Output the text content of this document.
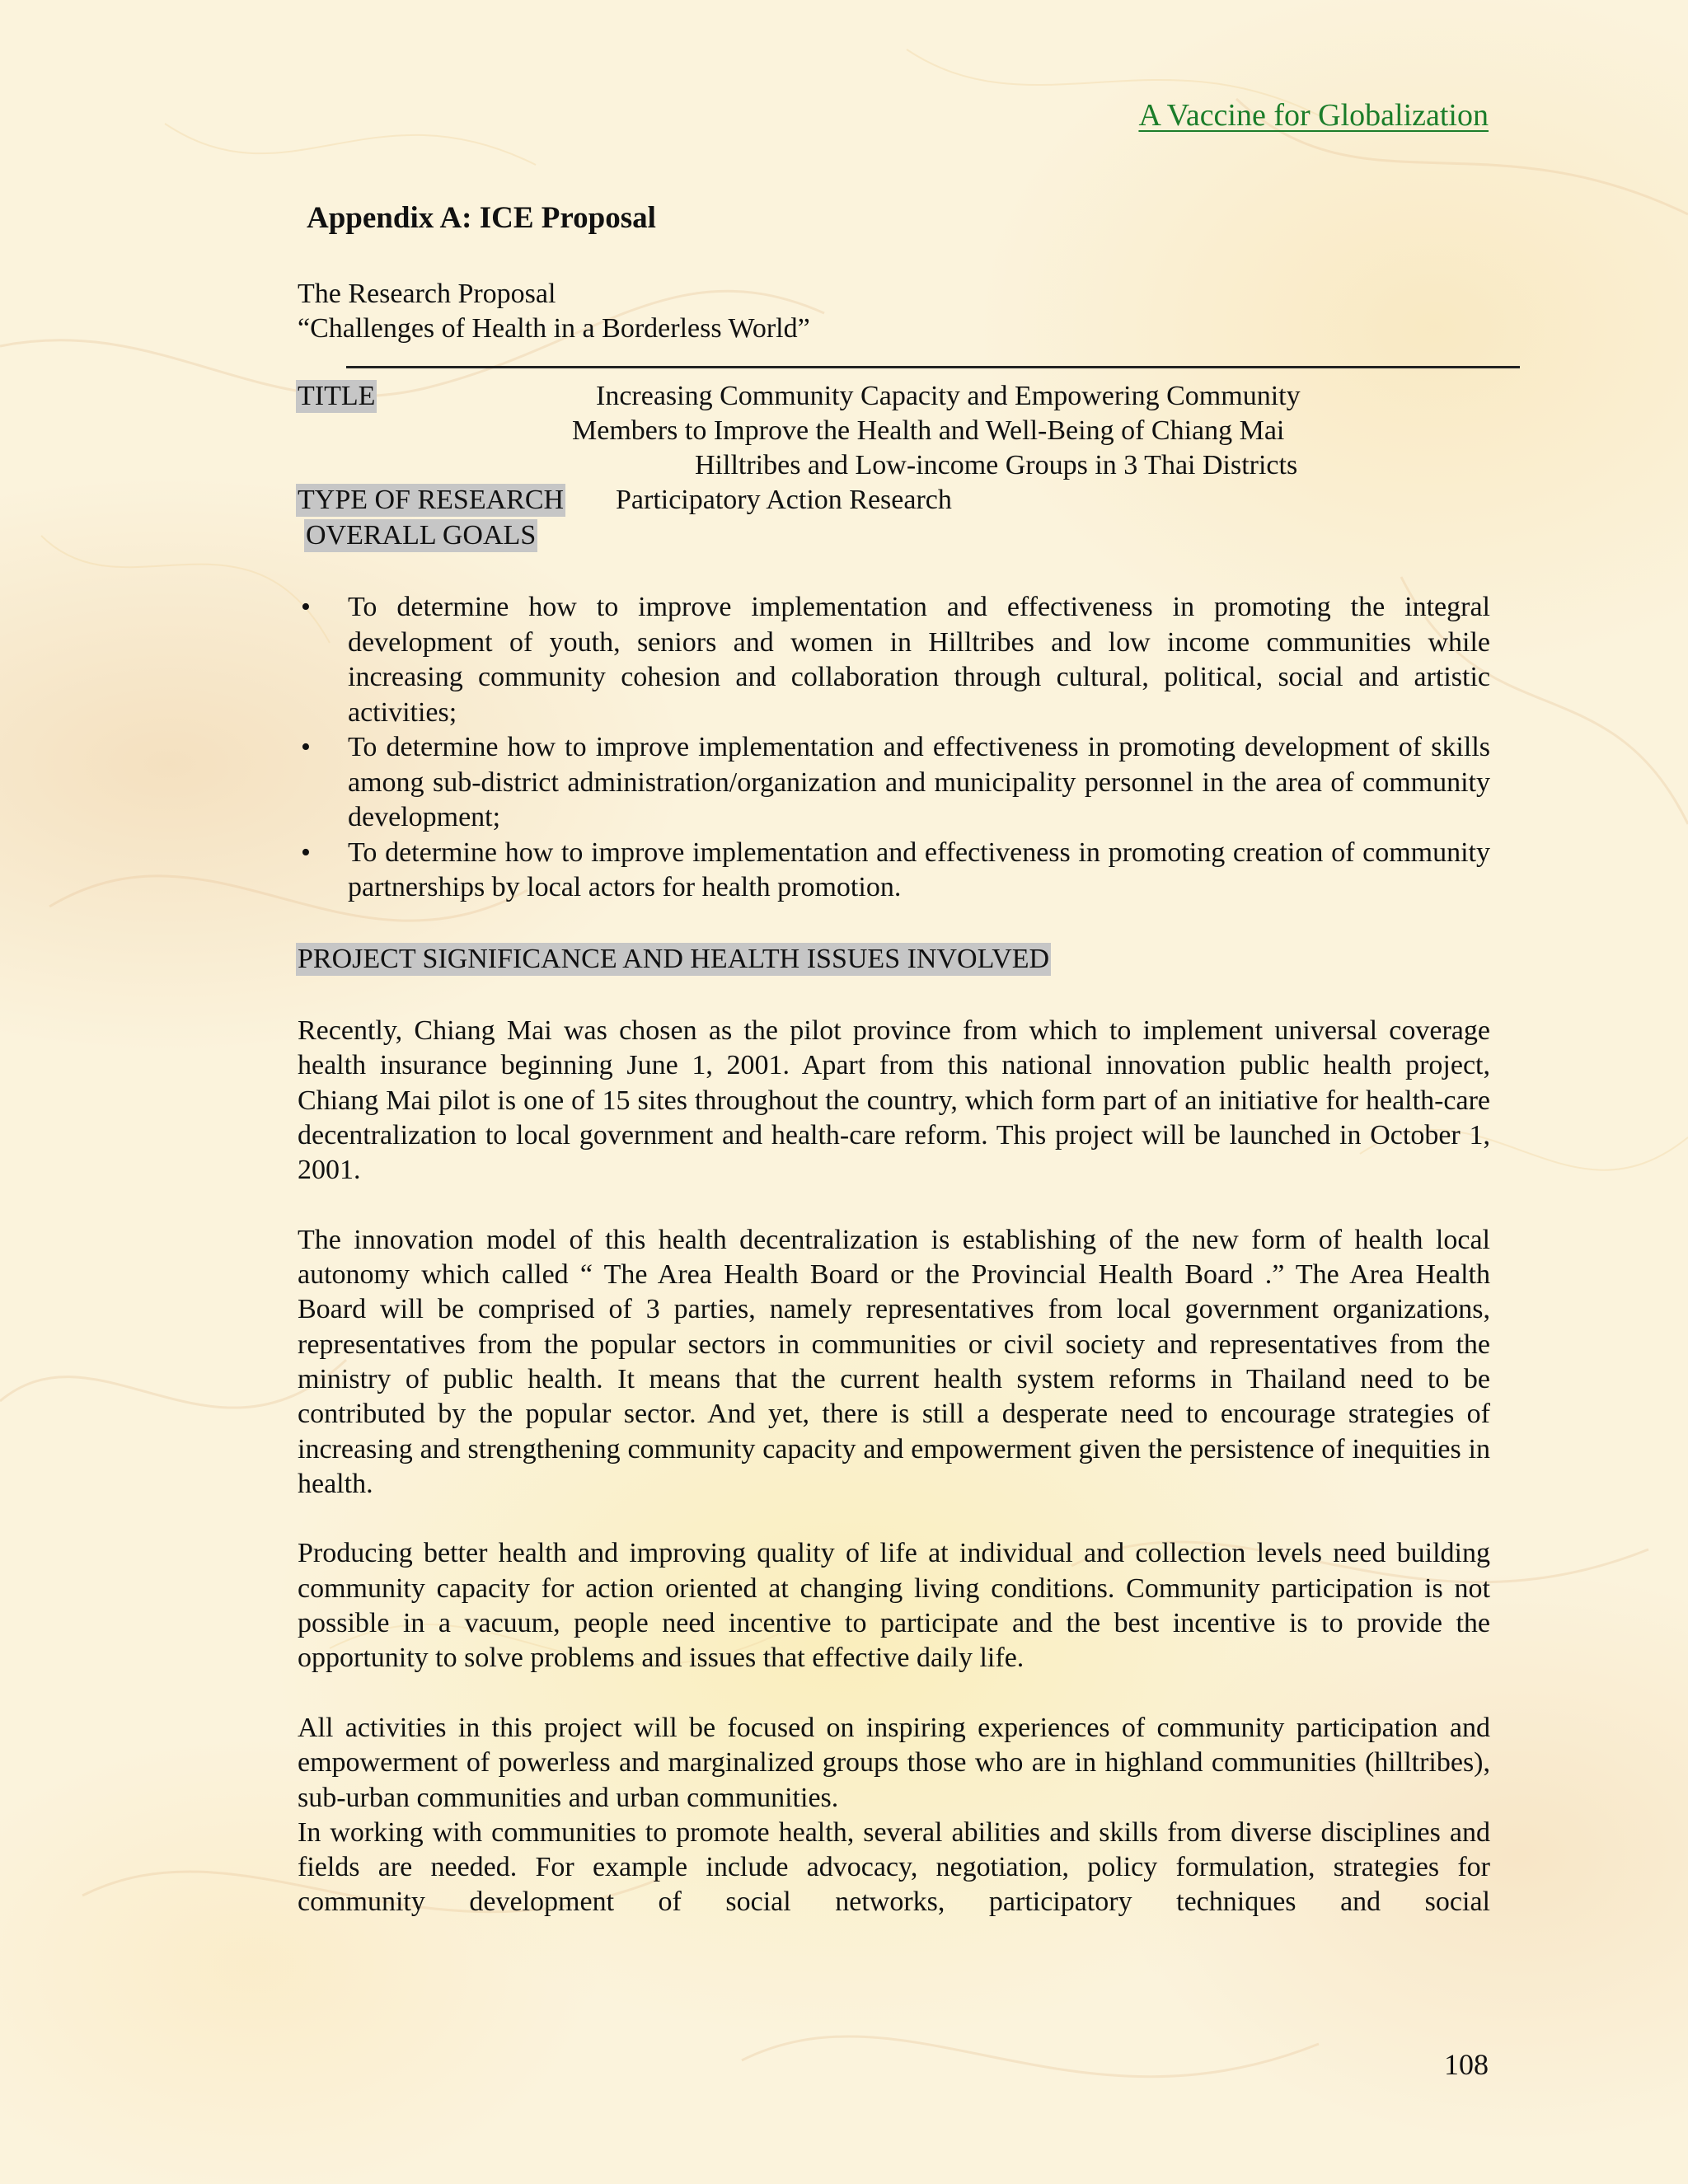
A Vaccine for Globalization
Appendix A: ICE Proposal
The Research Proposal
“Challenges of Health in a Borderless World”
TITLE	Increasing Community Capacity and Empowering Community
Members to Improve the Health and Well-Being of Chiang Mai
Hilltribes and Low-income Groups in 3 Thai Districts
TYPE OF RESEARCH Participatory Action Research
OVERALL GOALS
• To determine how to improve implementation and effectiveness in promoting the integral development of youth, seniors and women in Hilltribes and low income communities while increasing community cohesion and collaboration through cultural, political, social and artistic activities;
• To determine how to improve implementation and effectiveness in promoting development of skills among sub-district administration/organization and municipality personnel in the area of community development;
• To determine how to improve implementation and effectiveness in promoting creation of community partnerships by local actors for health promotion.
PROJECT SIGNIFICANCE AND HEALTH ISSUES INVOLVED

Recently, Chiang Mai was chosen as the pilot province from which to implement universal coverage health insurance beginning June 1, 2001. Apart from this national innovation public health project, Chiang Mai pilot is one of 15 sites throughout the country, which form part of an initiative for health-care decentralization to local government and health-care reform. This project will be launched in October 1, 2001.

The innovation model of this health decentralization is establishing of the new form of health local autonomy which called “ The Area Health Board or the Provincial Health Board .” The Area Health Board will be comprised of 3 parties, namely representatives from local government organizations, representatives from the popular sectors in communities or civil society and representatives from the ministry of public health. It means that the current health system reforms in Thailand need to be contributed by the popular sector. And yet, there is still a desperate need to encourage strategies of increasing and strengthening community capacity and empowerment given the persistence of inequities in health.

Producing better health and improving quality of life at individual and collection levels need building community capacity for action oriented at changing living conditions. Community participation is not possible in a vacuum, people need incentive to participate and the best incentive is to provide the opportunity to solve problems and issues that effective daily life.

All activities in this project will be focused on inspiring experiences of community participation and empowerment of powerless and marginalized groups those who are in highland communities (hilltribes), sub-urban communities and urban communities.

In working with communities to promote health, several abilities and skills from diverse disciplines and fields are needed. For example include advocacy, negotiation, policy formulation, strategies for community development of social networks, participatory techniques and social

108
